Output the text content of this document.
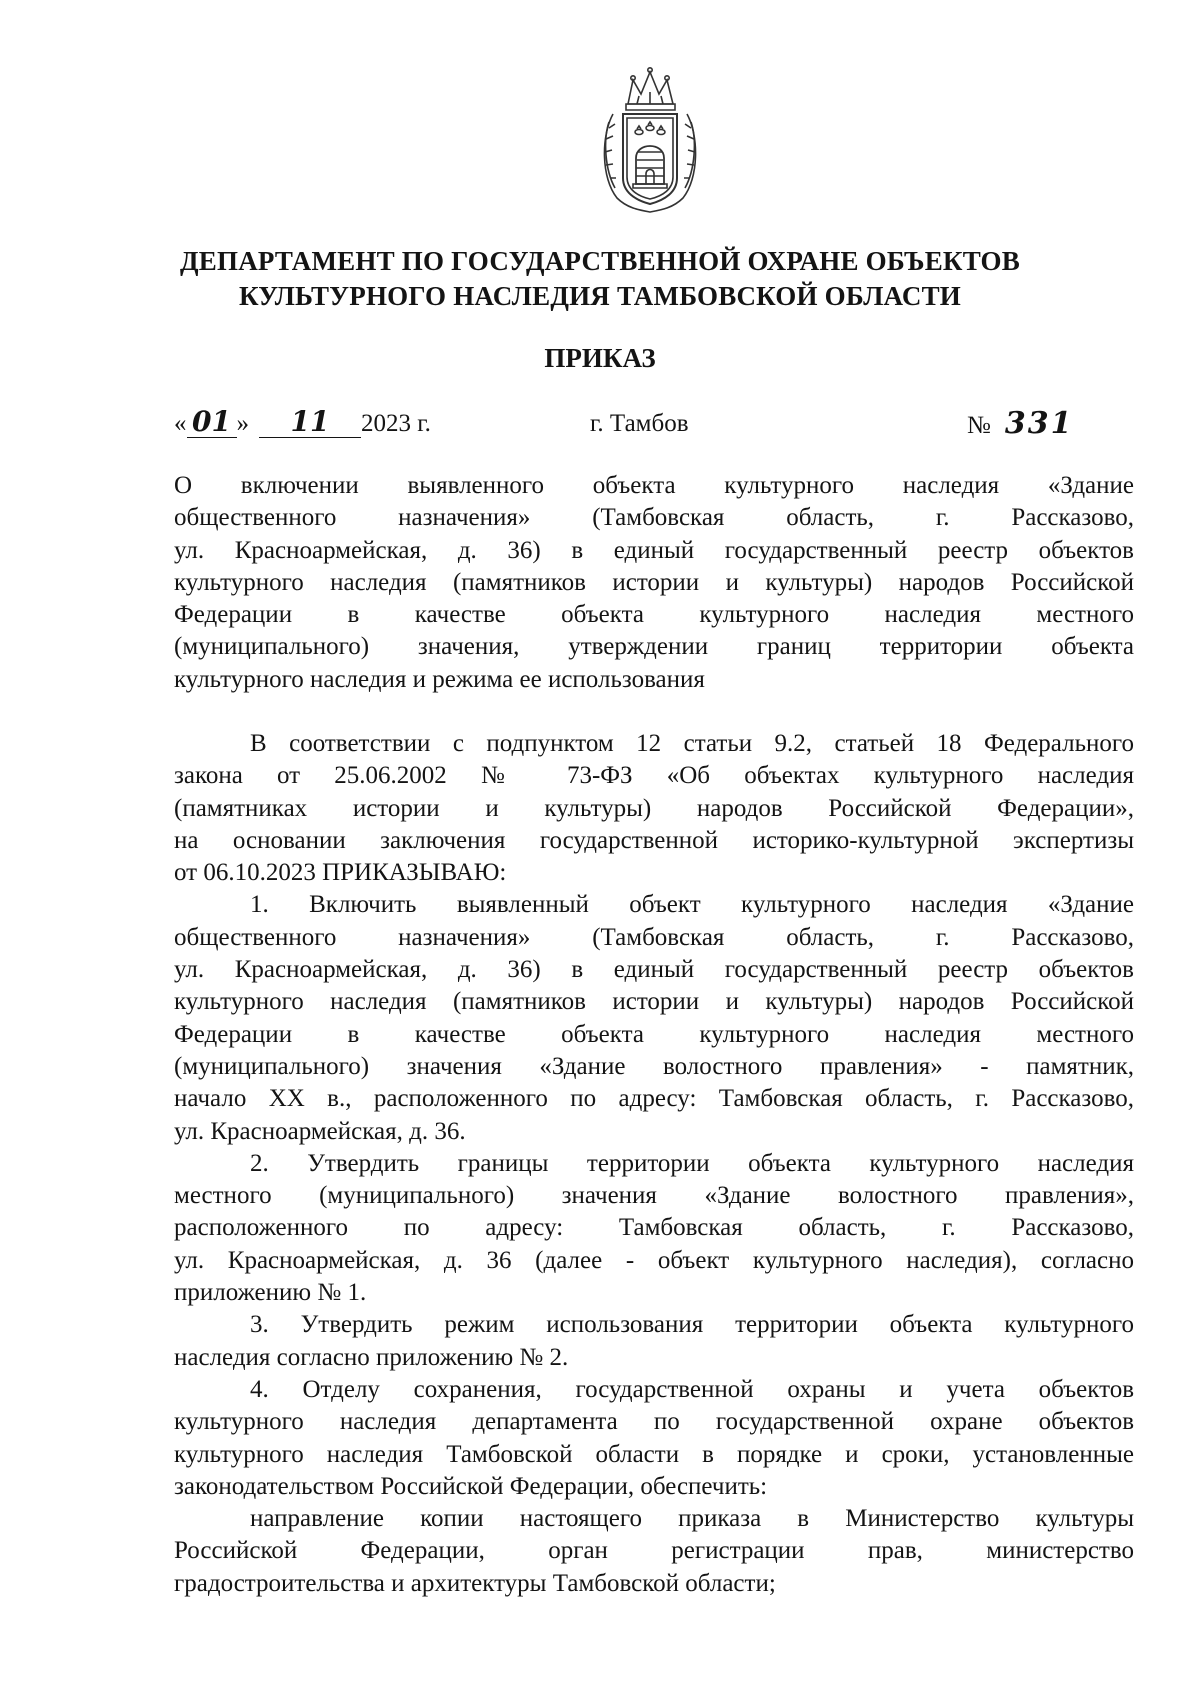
ДЕПАРТАМЕНТ ПО ГОСУДАРСТВЕННОЙ ОХРАНЕ ОБЪЕКТОВ
КУЛЬТУРНОГО НАСЛЕДИЯ ТАМБОВСКОЙ ОБЛАСТИ
ПРИКАЗ
« 01 » 11 2023 г.	г. Тамбов	№ 331
О включении выявленного объекта культурного наследия «Здание
общественного назначения» (Тамбовская область, г. Рассказово,
ул. Красноармейская, д. 36) в единый государственный реестр объектов
культурного наследия (памятников истории и культуры) народов Российской
Федерации в качестве объекта культурного наследия местного
(муниципального) значения, утверждении границ территории объекта
культурного наследия и режима ее использования
В соответствии с подпунктом 12 статьи 9.2, статьей 18 Федерального
закона от 25.06.2002 № 73-ФЗ «Об объектах культурного наследия
(памятниках истории и культуры) народов Российской Федерации»,
на основании заключения государственной историко-культурной экспертизы
от 06.10.2023 ПРИКАЗЫВАЮ:
1. Включить выявленный объект культурного наследия «Здание
общественного назначения» (Тамбовская область, г. Рассказово,
ул. Красноармейская, д. 36) в единый государственный реестр объектов
культурного наследия (памятников истории и культуры) народов Российской
Федерации в качестве объекта культурного наследия местного
(муниципального) значения «Здание волостного правления» - памятник,
начало XX в., расположенного по адресу: Тамбовская область, г. Рассказово,
ул. Красноармейская, д. 36.
2. Утвердить границы территории объекта культурного наследия
местного (муниципального) значения «Здание волостного правления»,
расположенного по адресу: Тамбовская область, г. Рассказово,
ул. Красноармейская, д. 36 (далее - объект культурного наследия), согласно
приложению № 1.
3. Утвердить режим использования территории объекта культурного
наследия согласно приложению № 2.
4. Отделу сохранения, государственной охраны и учета объектов
культурного наследия департамента по государственной охране объектов
культурного наследия Тамбовской области в порядке и сроки, установленные
законодательством Российской Федерации, обеспечить:
направление копии настоящего приказа в Министерство культуры
Российской Федерации, орган регистрации прав, министерство
градостроительства и архитектуры Тамбовской области;
